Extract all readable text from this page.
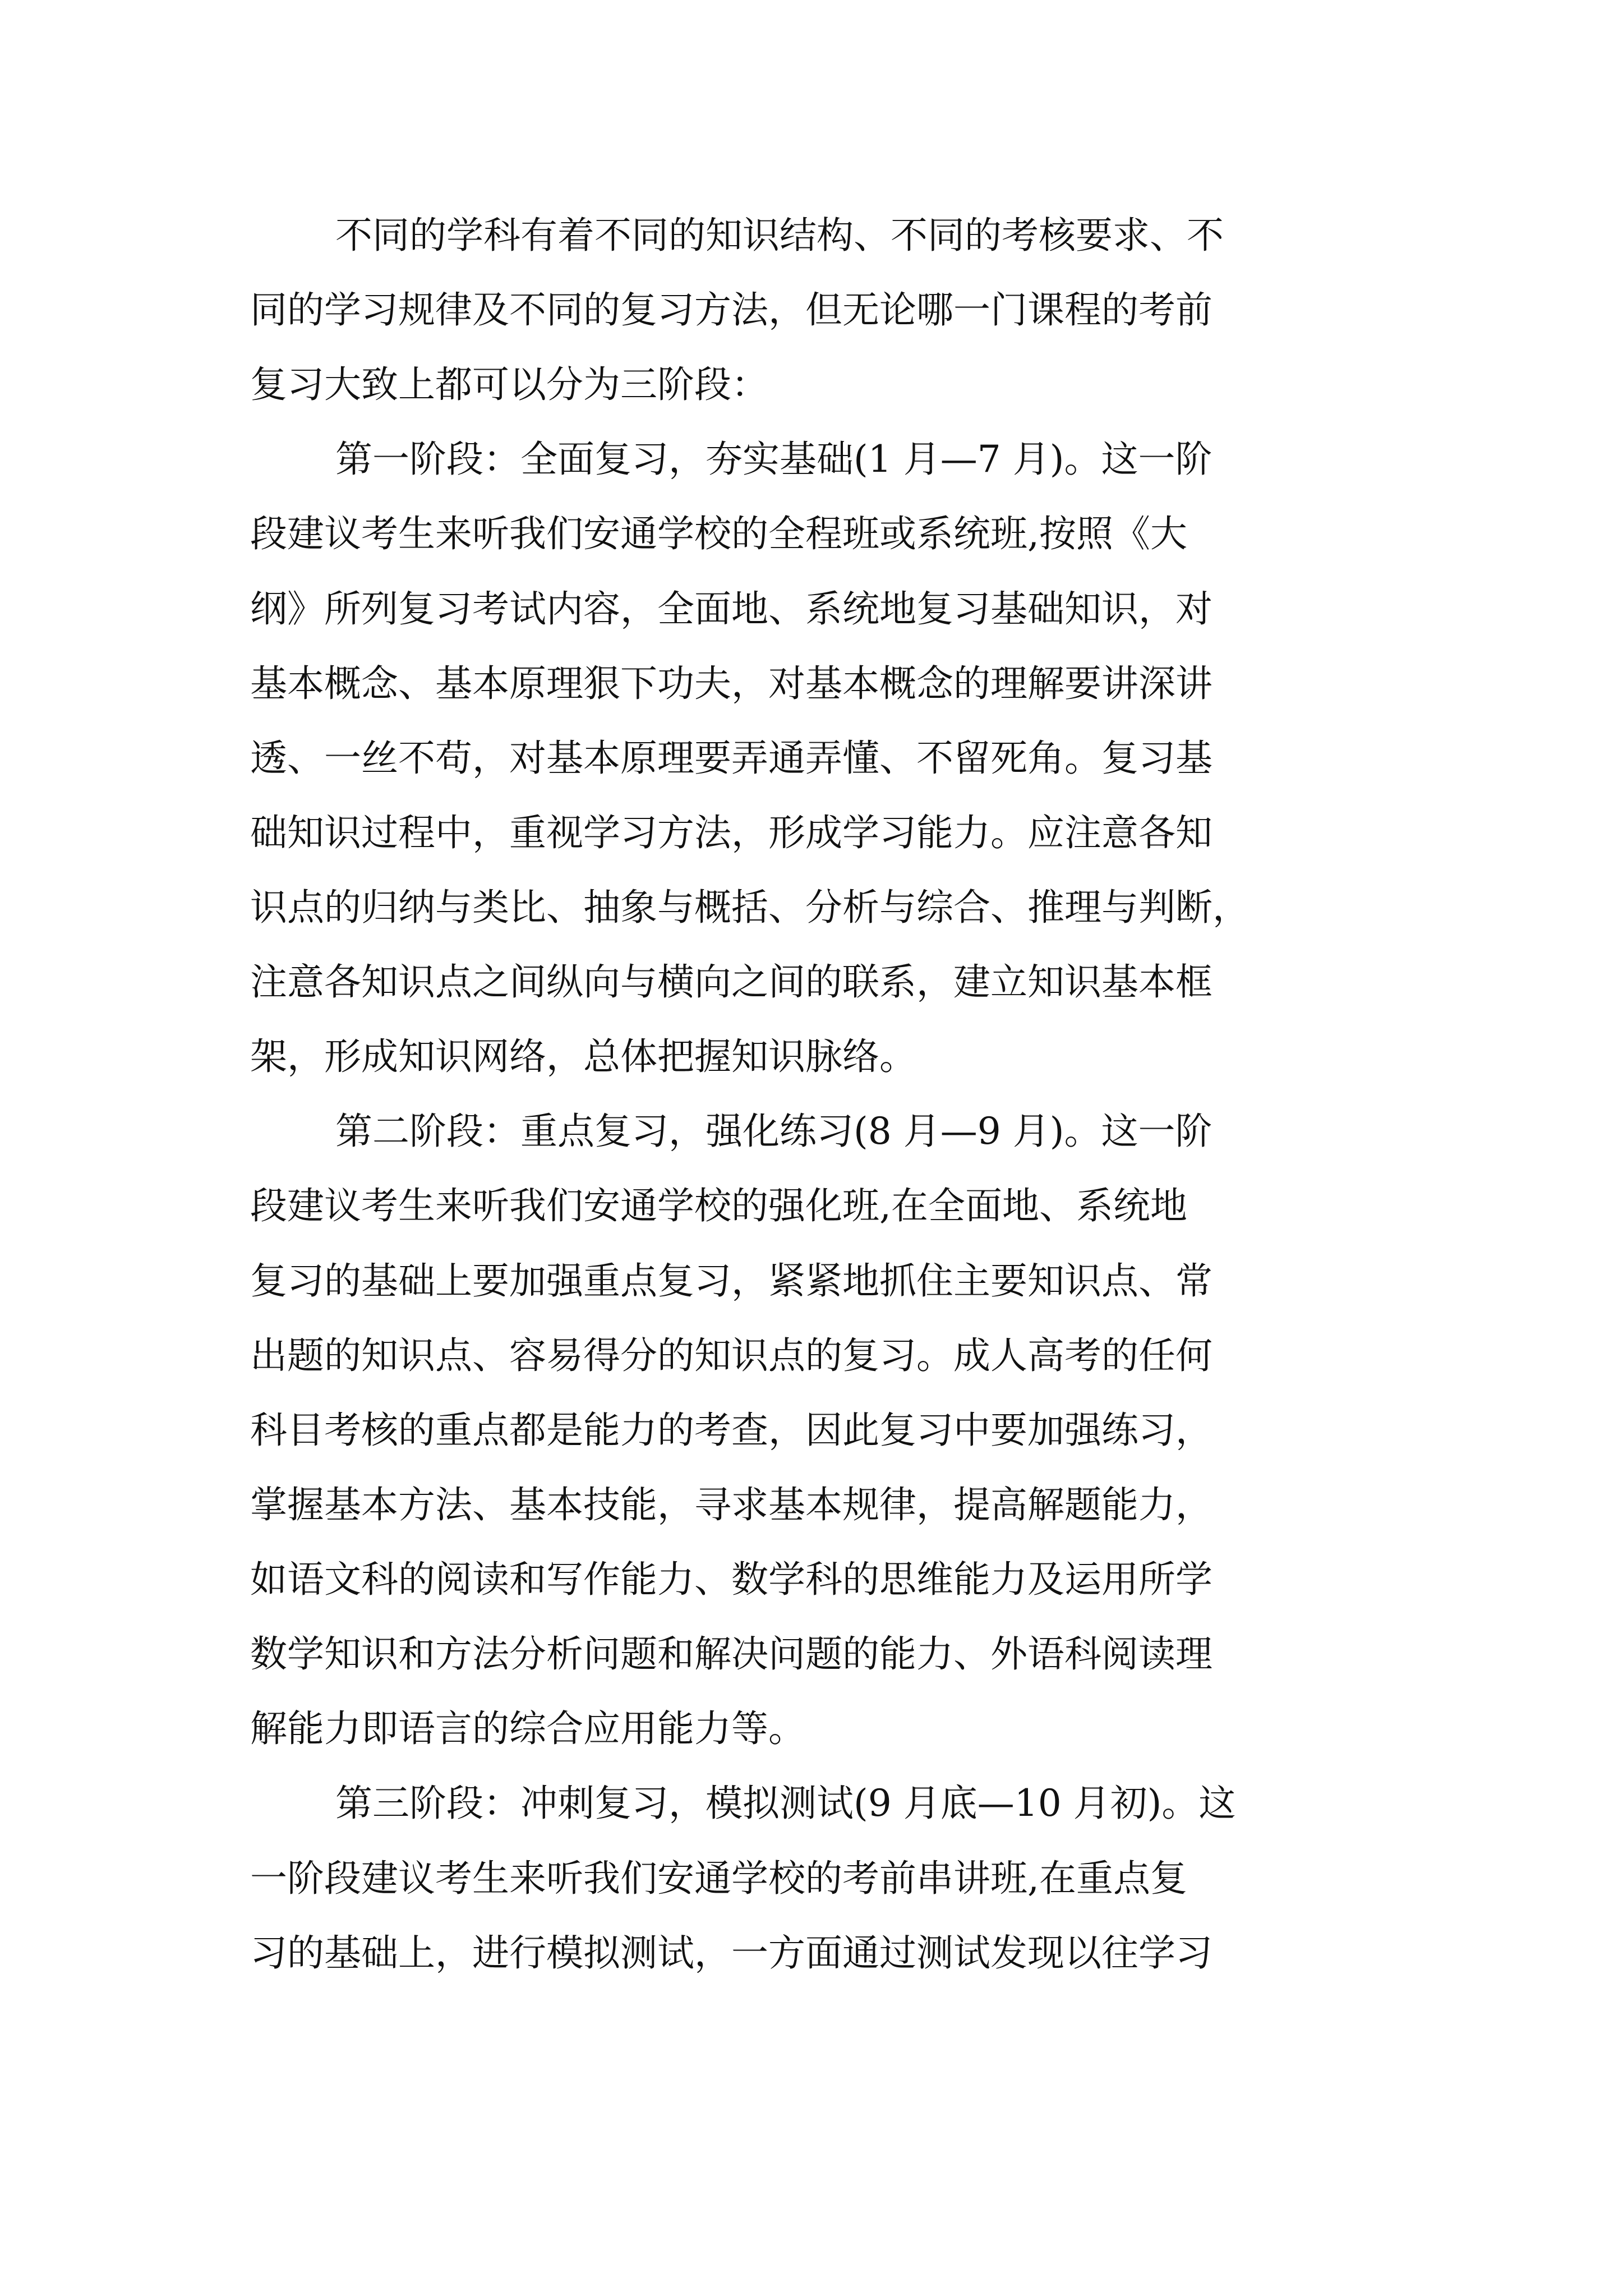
不同的学科有着不同的知识结构、不同的考核要求、不

同的学习规律及不同的复习方法，但无论哪一门课程的考前

复习大致上都可以分为三阶段：

第一阶段：全面复习，夯实基础(1 月—7 月)。这一阶

段建议考生来听我们安通学校的全程班或系统班,按照《大

纲》所列复习考试内容，全面地、系统地复习基础知识，对

基本概念、基本原理狠下功夫，对基本概念的理解要讲深讲

透、一丝不苟，对基本原理要弄通弄懂、不留死角。复习基

础知识过程中，重视学习方法，形成学习能力。应注意各知

识点的归纳与类比、抽象与概括、分析与综合、推理与判断，

注意各知识点之间纵向与横向之间的联系，建立知识基本框

架，形成知识网络，总体把握知识脉络。

第二阶段：重点复习，强化练习(8 月—9 月)。这一阶

段建议考生来听我们安通学校的强化班,在全面地、系统地

复习的基础上要加强重点复习，紧紧地抓住主要知识点、常

出题的知识点、容易得分的知识点的复习。成人高考的任何

科目考核的重点都是能力的考查，因此复习中要加强练习，

掌握基本方法、基本技能，寻求基本规律，提高解题能力，

如语文科的阅读和写作能力、数学科的思维能力及运用所学

数学知识和方法分析问题和解决问题的能力、外语科阅读理

解能力即语言的综合应用能力等。

第三阶段：冲刺复习，模拟测试(9 月底—10 月初)。这

一阶段建议考生来听我们安通学校的考前串讲班,在重点复

习的基础上，进行模拟测试，一方面通过测试发现以往学习
